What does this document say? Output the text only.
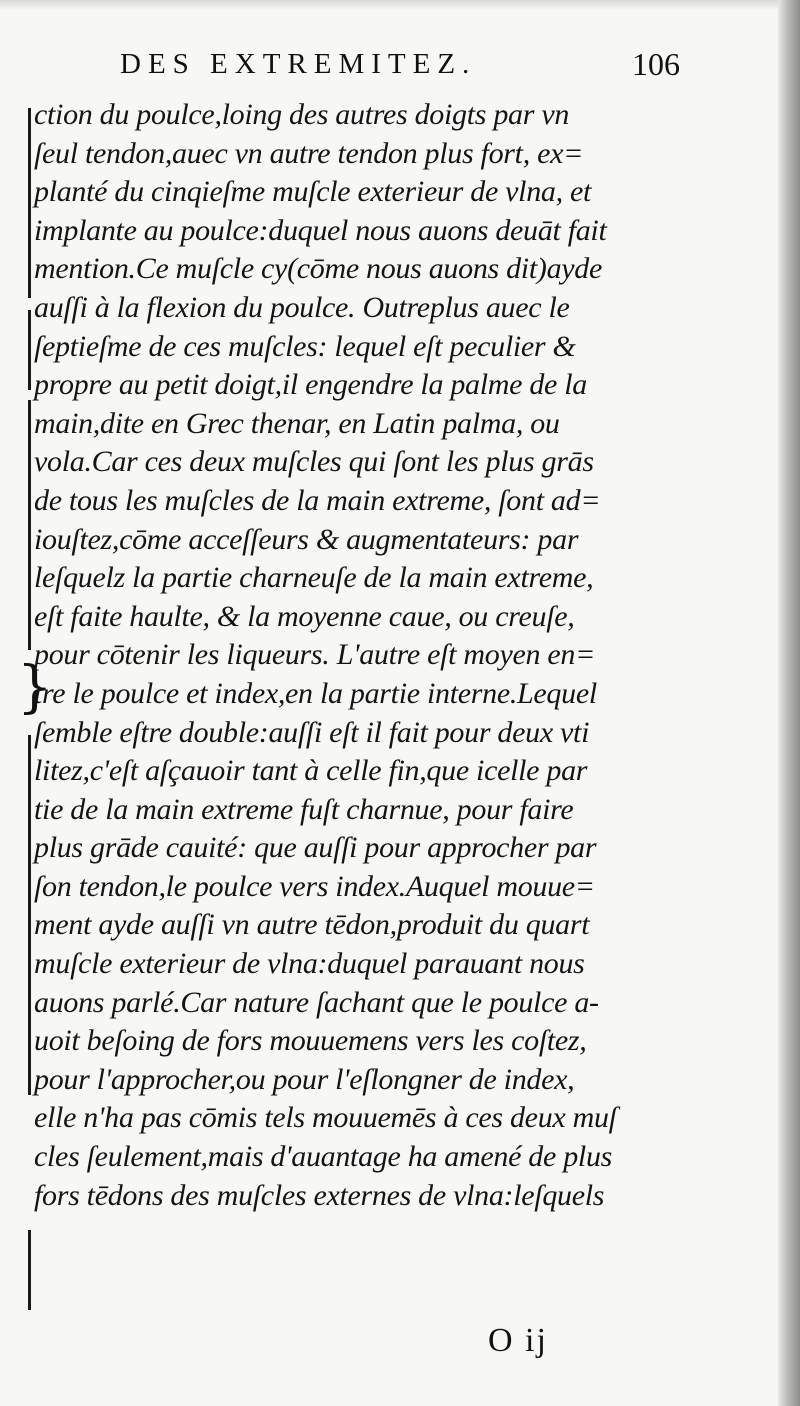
DES EXTREMITEZ.	106
}
ction du poulce,loing des autres doigts par vn
ſeul tendon,auec vn autre tendon plus fort, ex=
planté du cinqieſme muſcle exterieur de vlna, et
implante au poulce:duquel nous auons deuāt fait
mention.Ce muſcle cy(cōme nous auons dit)ayde
auſſi à la flexion du poulce. Outreplus auec le
ſeptieſme de ces muſcles: lequel eſt peculier &
propre au petit doigt,il engendre la palme de la
main,dite en Grec thenar, en Latin palma, ou
vola.Car ces deux muſcles qui ſont les plus grās
de tous les muſcles de la main extreme, ſont ad=
iouſtez,cōme acceſſeurs & augmentateurs: par
leſquelz la partie charneuſe de la main extreme,
eſt faite haulte, & la moyenne caue, ou creuſe,
pour cōtenir les liqueurs. L'autre eſt moyen en=
tre le poulce et index,en la partie interne.Lequel
ſemble eſtre double:auſſi eſt il fait pour deux vti
litez,c'eſt aſçauoir tant à celle fin,que icelle par
tie de la main extreme fuſt charnue, pour faire
plus grāde cauité: que auſſi pour approcher par
ſon tendon,le poulce vers index.Auquel mouue=
ment ayde auſſi vn autre tēdon,produit du quart
muſcle exterieur de vlna:duquel parauant nous
auons parlé.Car nature ſachant que le poulce a-
uoit beſoing de fors mouuemens vers les coſtez,
pour l'approcher,ou pour l'eſlongner de index,
elle n'ha pas cōmis tels mouuemēs à ces deux muſ
cles ſeulement,mais d'auantage ha amené de plus
fors tēdons des muſcles externes de vlna:leſquels
O ij
